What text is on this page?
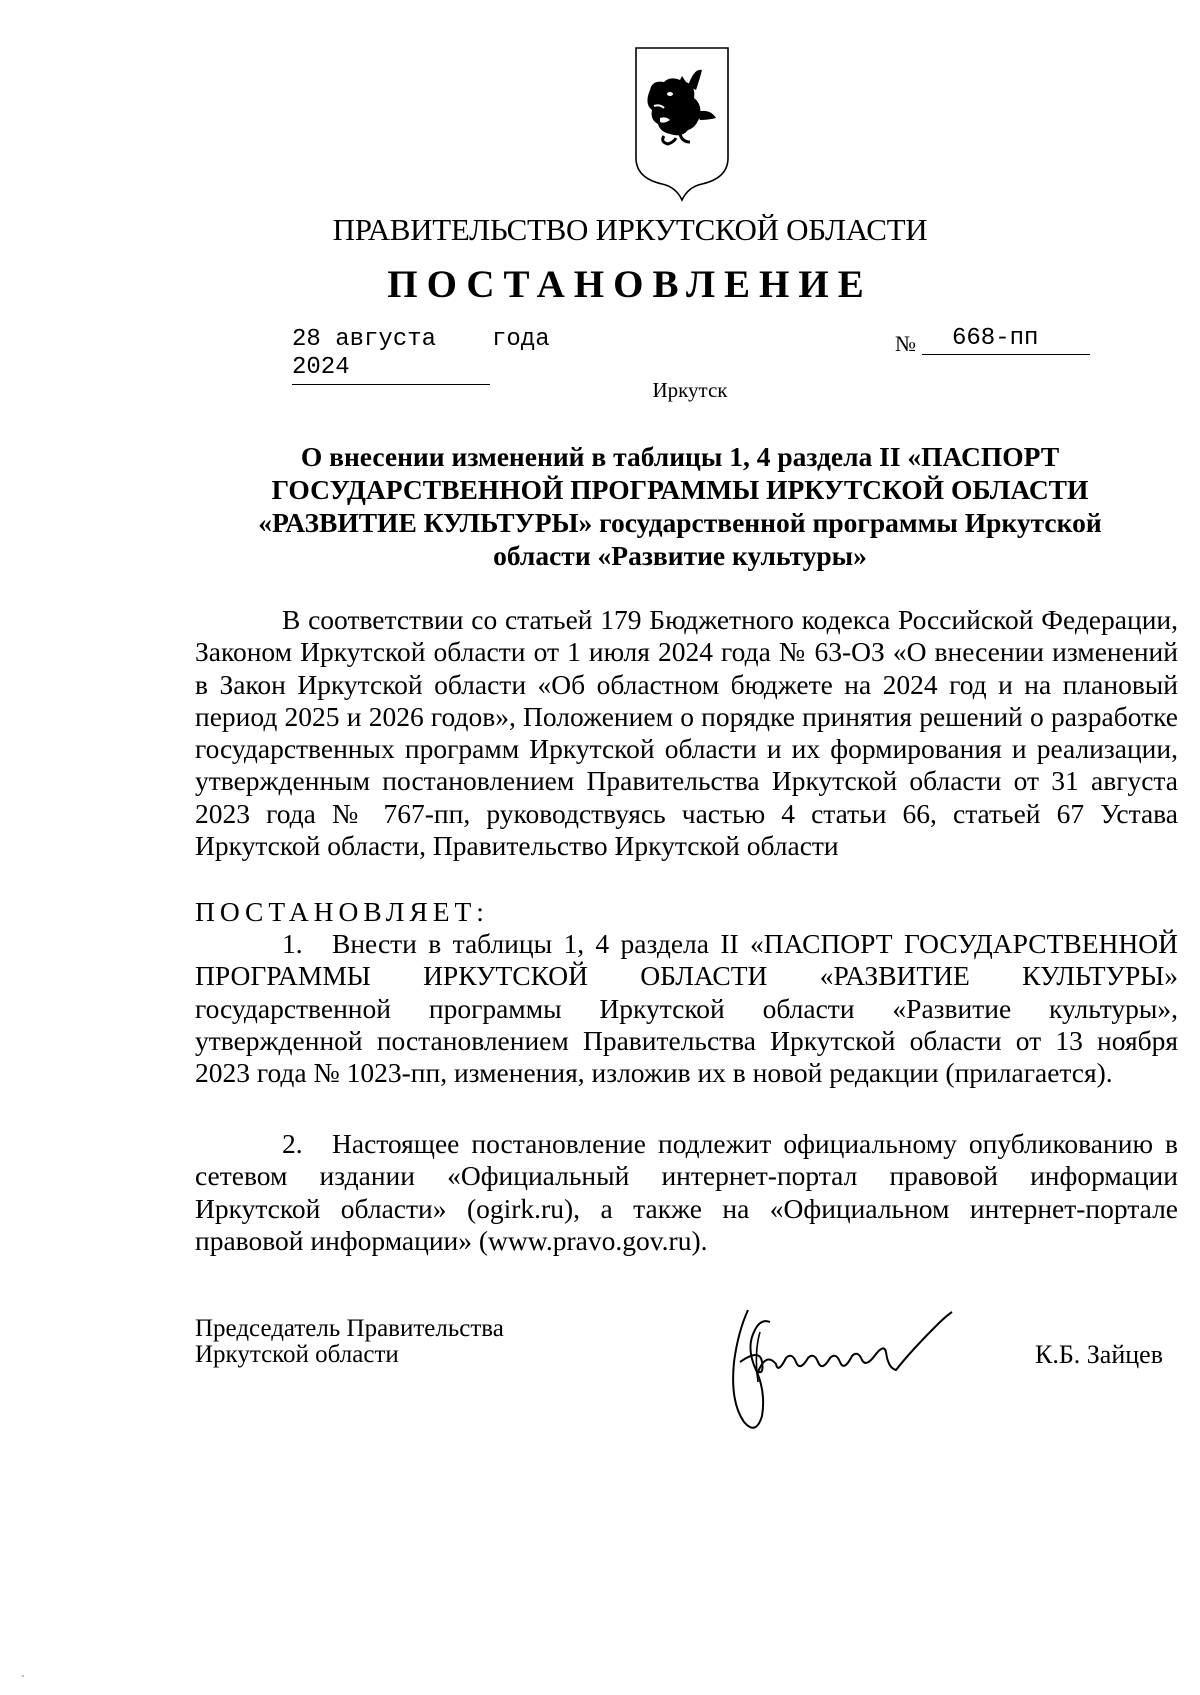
ПРАВИТЕЛЬСТВО ИРКУТСКОЙ ОБЛАСТИ
ПОСТАНОВЛЕНИЕ
28 августа 2024
года	№	668-пп
Иркутск
О внесении изменений в таблицы 1, 4 раздела II «ПАСПОРТ ГОСУДАРСТВЕННОЙ ПРОГРАММЫ ИРКУТСКОЙ ОБЛАСТИ «РАЗВИТИЕ КУЛЬТУРЫ» государственной программы Иркутской области «Развитие культуры»

В соответствии со статьей 179 Бюджетного кодекса Российской Федерации, Законом Иркутской области от 1 июля 2024 года № 63-ОЗ «О внесении изменений в Закон Иркутской области «Об областном бюджете на 2024 год и на плановый период 2025 и 2026 годов», Положением о порядке принятия решений о разработке государственных программ Иркутской области и их формирования и реализации, утвержденным постановлением Правительства Иркутской области от 31 августа 2023 года № 767-пп, руководствуясь частью 4 статьи 66, статьей 67 Устава Иркутской области, Правительство Иркутской области

ПОСТАНОВЛЯЕТ:

1. Внести в таблицы 1, 4 раздела II «ПАСПОРТ ГОСУДАРСТВЕННОЙ ПРОГРАММЫ ИРКУТСКОЙ ОБЛАСТИ «РАЗВИТИЕ КУЛЬТУРЫ» государственной программы Иркутской области «Развитие культуры», утвержденной постановлением Правительства Иркутской области от 13 ноября 2023 года № 1023-пп, изменения, изложив их в новой редакции (прилагается).

2. Настоящее постановление подлежит официальному опубликованию в сетевом издании «Официальный интернет-портал правовой информации Иркутской области» (ogirk.ru), а также на «Официальном интернет-портале правовой информации» (www.pravo.gov.ru).

Председатель Правительства
Иркутской области	К.Б. Зайцев
